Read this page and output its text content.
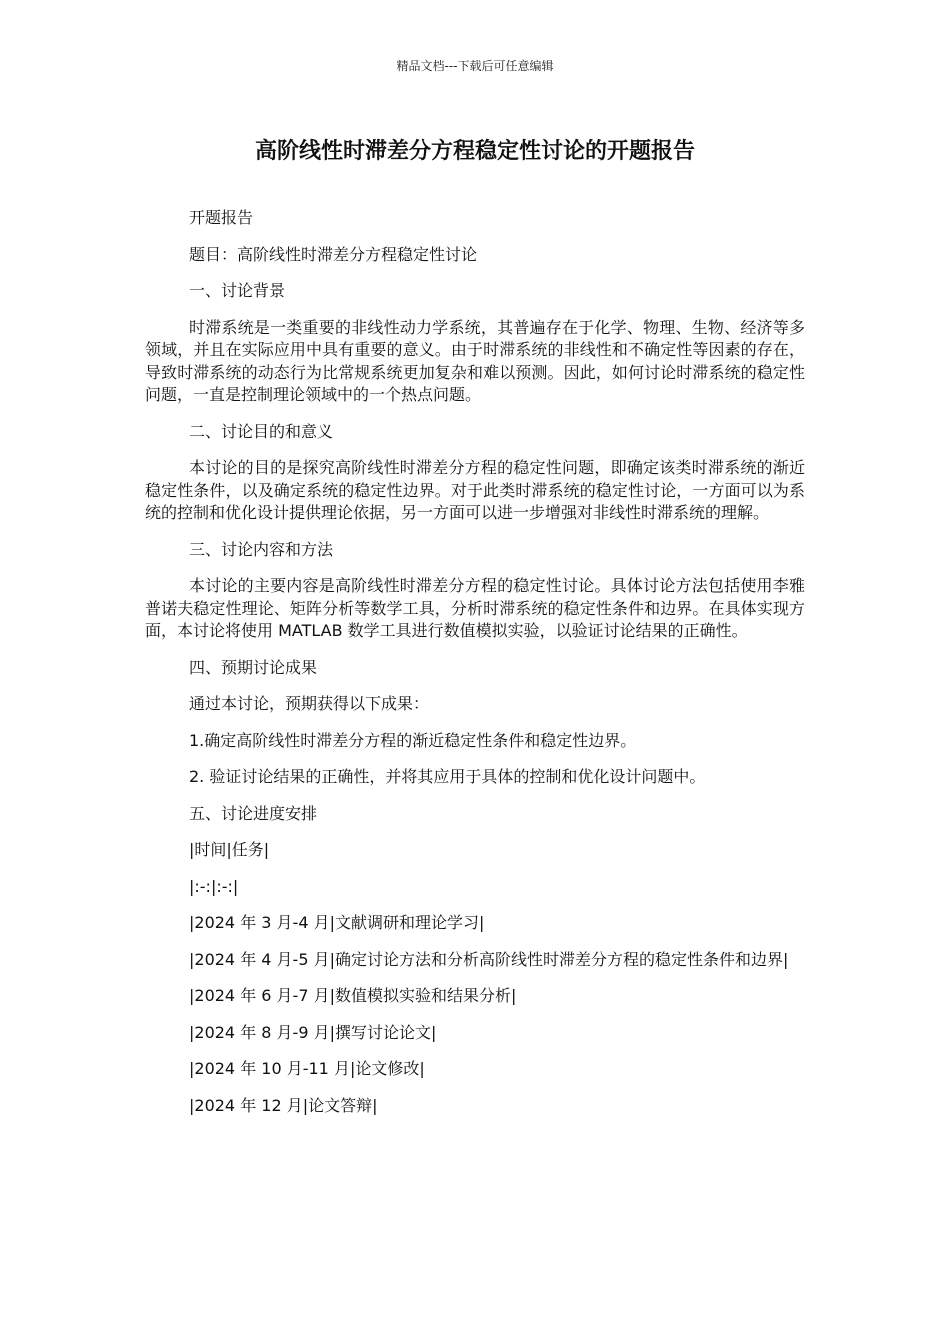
精品文档---下载后可任意编辑
高阶线性时滞差分方程稳定性讨论的开题报告

开题报告

题目：高阶线性时滞差分方程稳定性讨论

一、讨论背景

时滞系统是一类重要的非线性动力学系统，其普遍存在于化学、物理、生物、经济等多领域，并且在实际应用中具有重要的意义。由于时滞系统的非线性和不确定性等因素的存在，导致时滞系统的动态行为比常规系统更加复杂和难以预测。因此，如何讨论时滞系统的稳定性问题，一直是控制理论领域中的一个热点问题。

二、讨论目的和意义

本讨论的目的是探究高阶线性时滞差分方程的稳定性问题，即确定该类时滞系统的渐近稳定性条件，以及确定系统的稳定性边界。对于此类时滞系统的稳定性讨论，一方面可以为系统的控制和优化设计提供理论依据，另一方面可以进一步增强对非线性时滞系统的理解。

三、讨论内容和方法

本讨论的主要内容是高阶线性时滞差分方程的稳定性讨论。具体讨论方法包括使用李雅普诺夫稳定性理论、矩阵分析等数学工具，分析时滞系统的稳定性条件和边界。在具体实现方面，本讨论将使用 MATLAB 数学工具进行数值模拟实验，以验证讨论结果的正确性。

四、预期讨论成果

通过本讨论，预期获得以下成果：

1.确定高阶线性时滞差分方程的渐近稳定性条件和稳定性边界。

2. 验证讨论结果的正确性，并将其应用于具体的控制和优化设计问题中。

五、讨论进度安排

|时间|任务|

|:-:|:-:|

|2024 年 3 月-4 月|文献调研和理论学习|

|2024 年 4 月-5 月|确定讨论方法和分析高阶线性时滞差分方程的稳定性条件和边界|

|2024 年 6 月-7 月|数值模拟实验和结果分析|

|2024 年 8 月-9 月|撰写讨论论文|

|2024 年 10 月-11 月|论文修改|

|2024 年 12 月|论文答辩|
